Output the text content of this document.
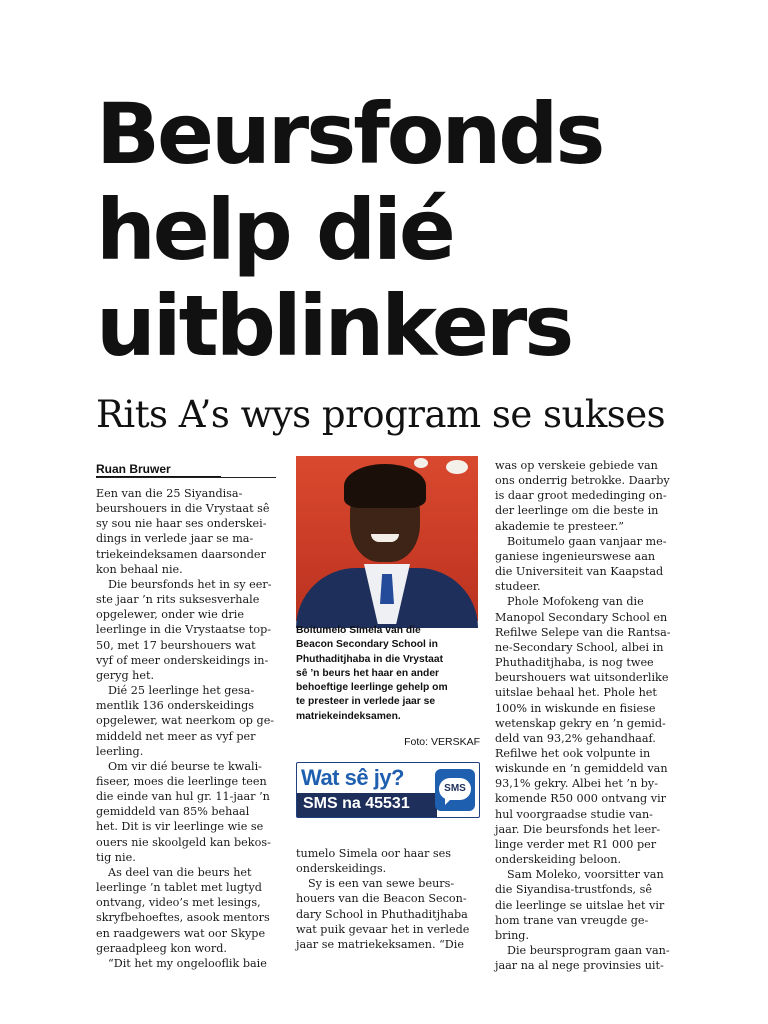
Beursfonds
help dié
uitblinkers
Rits A’s wys program se sukses
Ruan Bruwer
Een van die 25 Siyandisa-
beurshouers in die Vrystaat sê
sy sou nie haar ses onderskei-
dings in verlede jaar se ma-
triekeindeksamen daarsonder
kon behaal nie.
Die beursfonds het in sy eer-
ste jaar ’n rits suksesverhale
opgelewer, onder wie drie
leerlinge in die Vrystaatse top-
50, met 17 beurshouers wat
vyf of meer onderskeidings in-
geryg het.
Dié 25 leerlinge het gesa-
mentlik 136 onderskeidings
opgelewer, wat neerkom op ge-
middeld net meer as vyf per
leerling.
Om vir dié beurse te kwali-
fiseer, moes die leerlinge teen
die einde van hul gr. 11-jaar ’n
gemiddeld van 85% behaal
het. Dit is vir leerlinge wie se
ouers nie skoolgeld kan bekos-
tig nie.
As deel van die beurs het
leerlinge ’n tablet met lugtyd
ontvang, video’s met lesings,
skryfbehoeftes, asook mentors
en raadgewers wat oor Skype
geraadpleeg kon word.
“Dit het my ongelooflik baie
Boitumelo Simela van die
Beacon Secondary School in
Phuthaditjhaba in die Vrystaat
sê ’n beurs het haar en ander
behoeftige leerlinge gehelp om
te presteer in verlede jaar se
matriekeindeksamen.
Foto: VERSKAF
Wat sê jy?
SMS na 45531
SMS
tumelo Simela oor haar ses
onderskeidings.
Sy is een van sewe beurs-
houers van die Beacon Secon-
dary School in Phuthaditjhaba
wat puik gevaar het in verlede
jaar se matriekeksamen. “Die
was op verskeie gebiede van
ons onderrig betrokke. Daarby
is daar groot mededinging on-
der leerlinge om die beste in
akademie te presteer.”
Boitumelo gaan vanjaar me-
ganiese ingenieurswese aan
die Universiteit van Kaapstad
studeer.
Phole Mofokeng van die
Manopol Secondary School en
Refilwe Selepe van die Rantsa-
ne-Secondary School, albei in
Phuthaditjhaba, is nog twee
beurshouers wat uitsonderlike
uitslae behaal het. Phole het
100% in wiskunde en fisiese
wetenskap gekry en ’n gemid-
deld van 93,2% gehandhaaf.
Refilwe het ook volpunte in
wiskunde en ’n gemiddeld van
93,1% gekry. Albei het ’n by-
komende R50 000 ontvang vir
hul voorgraadse studie van-
jaar. Die beursfonds het leer-
linge verder met R1 000 per
onderskeiding beloon.
Sam Moleko, voorsitter van
die Siyandisa-trustfonds, sê
die leerlinge se uitslae het vir
hom trane van vreugde ge-
bring.
Die beursprogram gaan van-
jaar na al nege provinsies uit-
